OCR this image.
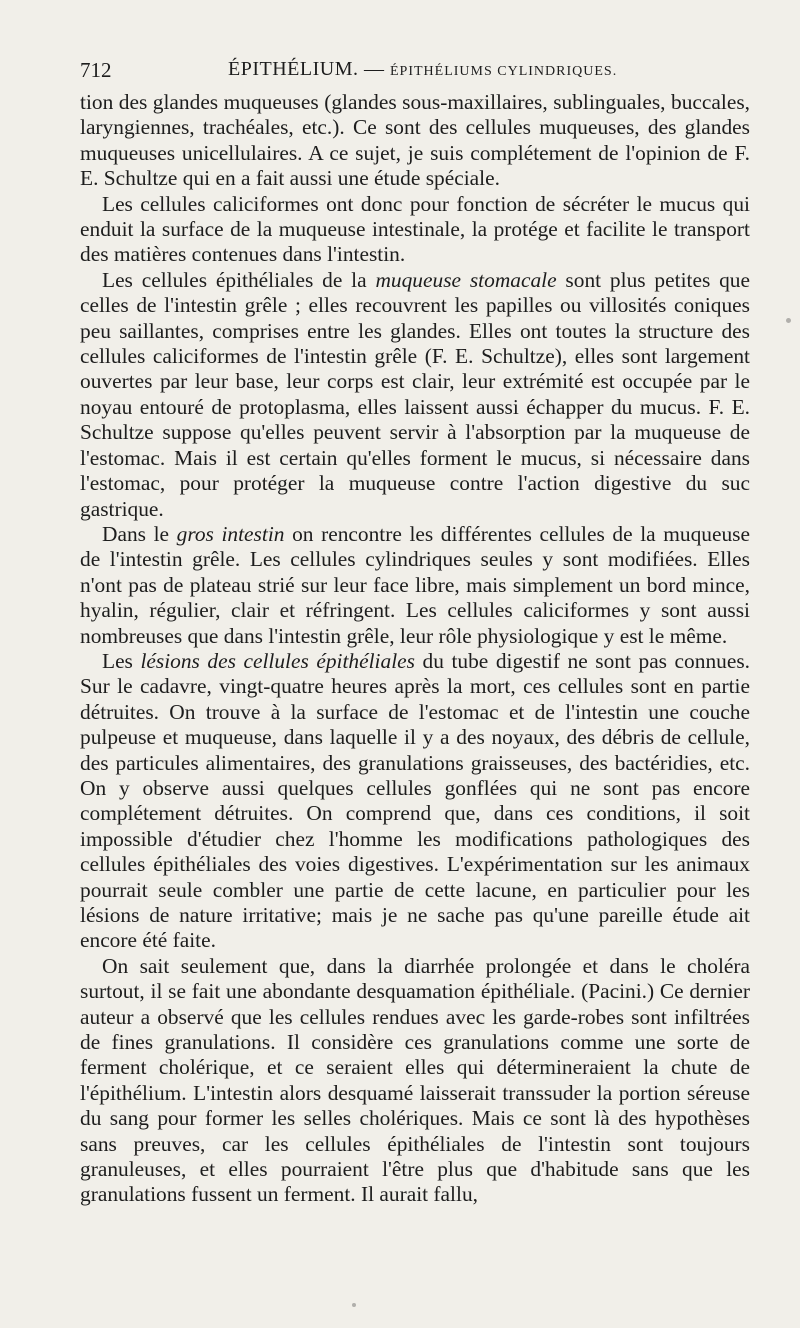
712	ÉPITHÉLIUM. — ÉPITHÉLIUMS CYLINDRIQUES.

tion des glandes muqueuses (glandes sous-maxillaires, sublinguales, buccales, laryngiennes, trachéales, etc.). Ce sont des cellules muqueuses, des glandes muqueuses unicellulaires. A ce sujet, je suis complétement de l'opinion de F. E. Schultze qui en a fait aussi une étude spéciale.

Les cellules caliciformes ont donc pour fonction de sécréter le mucus qui enduit la surface de la muqueuse intestinale, la protége et facilite le transport des matières contenues dans l'intestin.

Les cellules épithéliales de la muqueuse stomacale sont plus petites que celles de l'intestin grêle ; elles recouvrent les papilles ou villosités coniques peu saillantes, comprises entre les glandes. Elles ont toutes la structure des cellules caliciformes de l'intestin grêle (F. E. Schultze), elles sont largement ouvertes par leur base, leur corps est clair, leur extrémité est occupée par le noyau entouré de protoplasma, elles laissent aussi échapper du mucus. F. E. Schultze suppose qu'elles peuvent servir à l'absorption par la muqueuse de l'estomac. Mais il est certain qu'elles forment le mucus, si nécessaire dans l'estomac, pour protéger la muqueuse contre l'action digestive du suc gastrique.

Dans le gros intestin on rencontre les différentes cellules de la muqueuse de l'intestin grêle. Les cellules cylindriques seules y sont modifiées. Elles n'ont pas de plateau strié sur leur face libre, mais simplement un bord mince, hyalin, régulier, clair et réfringent. Les cellules caliciformes y sont aussi nombreuses que dans l'intestin grêle, leur rôle physiologique y est le même.

Les lésions des cellules épithéliales du tube digestif ne sont pas connues. Sur le cadavre, vingt-quatre heures après la mort, ces cellules sont en partie détruites. On trouve à la surface de l'estomac et de l'intestin une couche pulpeuse et muqueuse, dans laquelle il y a des noyaux, des débris de cellule, des particules alimentaires, des granulations graisseuses, des bactéridies, etc. On y observe aussi quelques cellules gonflées qui ne sont pas encore complétement détruites. On comprend que, dans ces conditions, il soit impossible d'étudier chez l'homme les modifications pathologiques des cellules épithéliales des voies digestives. L'expérimentation sur les animaux pourrait seule combler une partie de cette lacune, en particulier pour les lésions de nature irritative; mais je ne sache pas qu'une pareille étude ait encore été faite.

On sait seulement que, dans la diarrhée prolongée et dans le choléra surtout, il se fait une abondante desquamation épithéliale. (Pacini.) Ce dernier auteur a observé que les cellules rendues avec les garde-robes sont infiltrées de fines granulations. Il considère ces granulations comme une sorte de ferment cholérique, et ce seraient elles qui détermineraient la chute de l'épithélium. L'intestin alors desquamé laisserait transsuder la portion séreuse du sang pour former les selles cholériques. Mais ce sont là des hypothèses sans preuves, car les cellules épithéliales de l'intestin sont toujours granuleuses, et elles pourraient l'être plus que d'habitude sans que les granulations fussent un ferment. Il aurait fallu,
